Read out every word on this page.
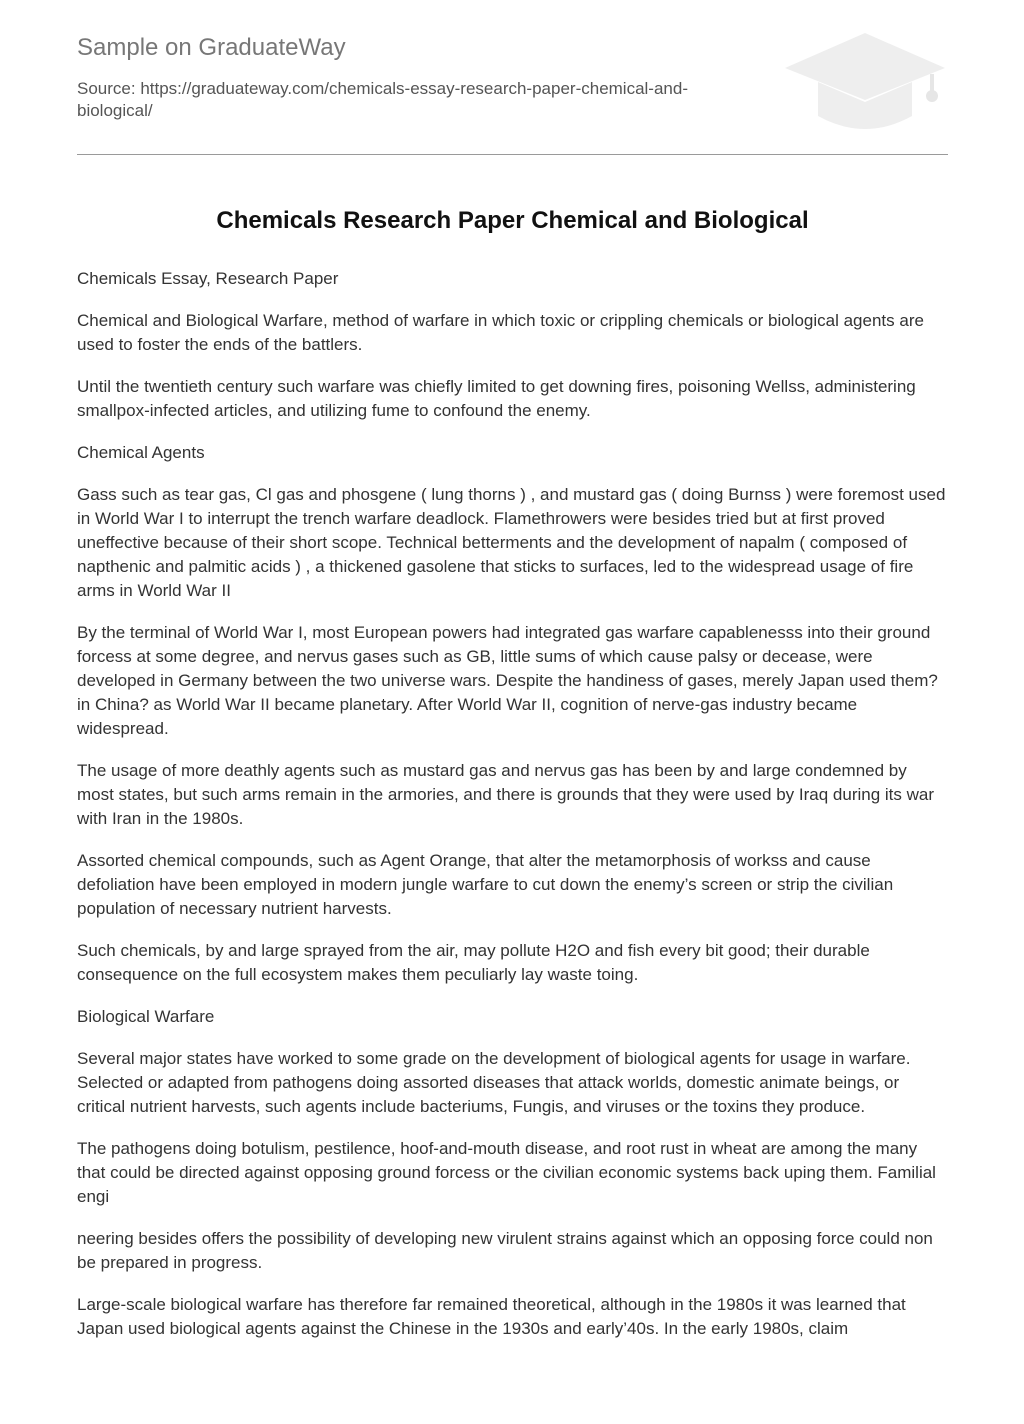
Sample on GraduateWay
Source: https://graduateway.com/chemicals-essay-research-paper-chemical-and-biological/
Chemicals Research Paper Chemical and Biological

Chemicals Essay, Research Paper

Chemical and Biological Warfare, method of warfare in which toxic or crippling chemicals or biological agents are used to foster the ends of the battlers.

Until the twentieth century such warfare was chiefly limited to get downing fires, poisoning Wellss, administering smallpox-infected articles, and utilizing fume to confound the enemy.

Chemical Agents

Gass such as tear gas, Cl gas and phosgene ( lung thorns ) , and mustard gas ( doing Burnss ) were foremost used in World War I to interrupt the trench warfare deadlock. Flamethrowers were besides tried but at first proved uneffective because of their short scope. Technical betterments and the development of napalm ( composed of napthenic and palmitic acids ) , a thickened gasolene that sticks to surfaces, led to the widespread usage of fire arms in World War II

By the terminal of World War I, most European powers had integrated gas warfare capablenesss into their ground forcess at some degree, and nervus gases such as GB, little sums of which cause palsy or decease, were developed in Germany between the two universe wars. Despite the handiness of gases, merely Japan used them? in China? as World War II became planetary. After World War II, cognition of nerve-gas industry became widespread.

The usage of more deathly agents such as mustard gas and nervus gas has been by and large condemned by most states, but such arms remain in the armories, and there is grounds that they were used by Iraq during its war with Iran in the 1980s.

Assorted chemical compounds, such as Agent Orange, that alter the metamorphosis of workss and cause defoliation have been employed in modern jungle warfare to cut down the enemy’s screen or strip the civilian population of necessary nutrient harvests.

Such chemicals, by and large sprayed from the air, may pollute H2O and fish every bit good; their durable consequence on the full ecosystem makes them peculiarly lay waste toing.

Biological Warfare

Several major states have worked to some grade on the development of biological agents for usage in warfare. Selected or adapted from pathogens doing assorted diseases that attack worlds, domestic animate beings, or critical nutrient harvests, such agents include bacteriums, Fungis, and viruses or the toxins they produce.

The pathogens doing botulism, pestilence, hoof-and-mouth disease, and root rust in wheat are among the many that could be directed against opposing ground forcess or the civilian economic systems back uping them. Familial engi

neering besides offers the possibility of developing new virulent strains against which an opposing force could non be prepared in progress.

Large-scale biological warfare has therefore far remained theoretical, although in the 1980s it was learned that Japan used biological agents against the Chinese in the 1930s and early’40s. In the early 1980s, claim
